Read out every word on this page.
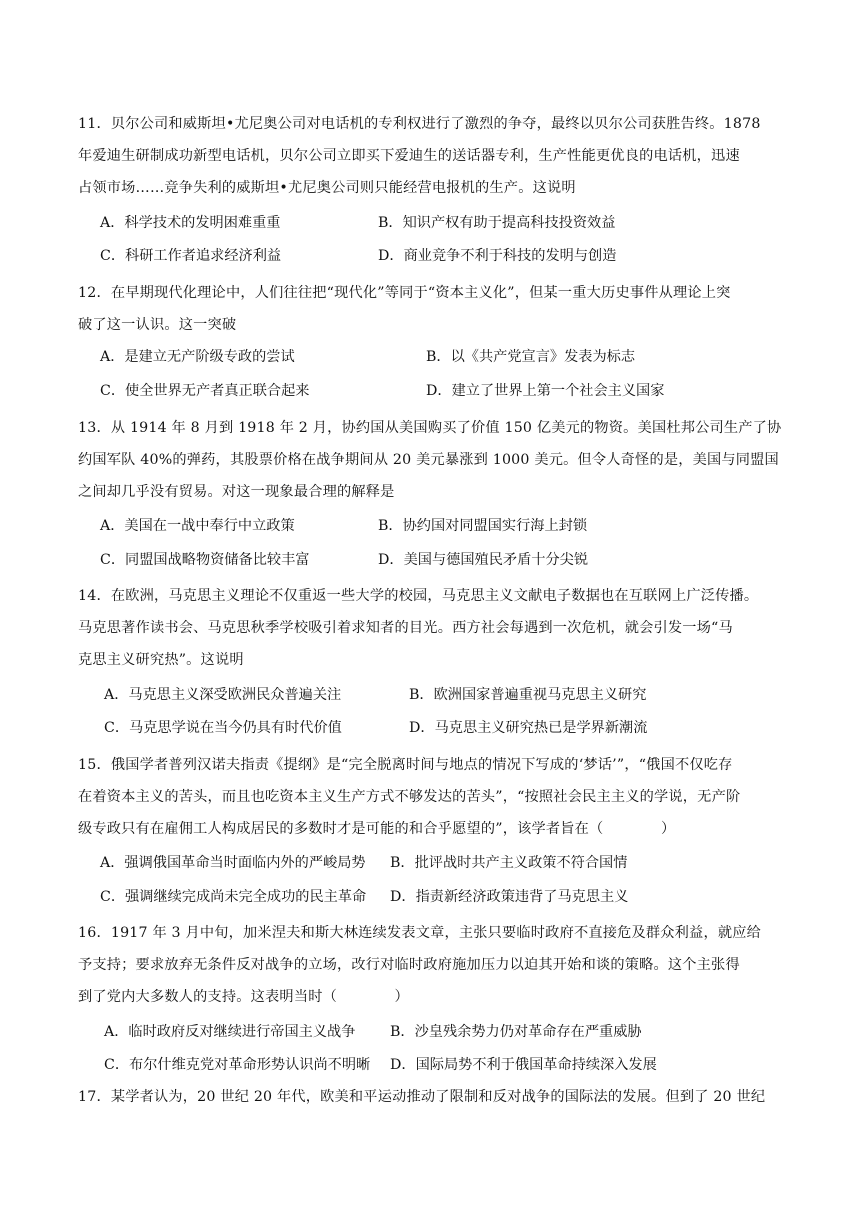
11．贝尔公司和威斯坦•尤尼奥公司对电话机的专利权进行了激烈的争夺，最终以贝尔公司获胜告终。1878
年爱迪生研制成功新型电话机，贝尔公司立即买下爱迪生的送话器专利，生产性能更优良的电话机，迅速
占领市场……竞争失利的威斯坦•尤尼奥公司则只能经营电报机的生产。这说明
A．科学技术的发明困难重重	B．知识产权有助于提高科技投资效益
C．科研工作者追求经济利益	D．商业竞争不利于科技的发明与创造
12．在早期现代化理论中，人们往往把“现代化”等同于“资本主义化”，但某一重大历史事件从理论上突
破了这一认识。这一突破
A．是建立无产阶级专政的尝试	B．以《共产党宣言》发表为标志
C．使全世界无产者真正联合起来	D．建立了世界上第一个社会主义国家
13．从 1914 年 8 月到 1918 年 2 月，协约国从美国购买了价值 150 亿美元的物资。美国杜邦公司生产了协
约国军队 40%的弹药，其股票价格在战争期间从 20 美元暴涨到 1000 美元。但令人奇怪的是，美国与同盟国
之间却几乎没有贸易。对这一现象最合理的解释是
A．美国在一战中奉行中立政策	B．协约国对同盟国实行海上封锁
C．同盟国战略物资储备比较丰富	D．美国与德国殖民矛盾十分尖锐
14．在欧洲，马克思主义理论不仅重返一些大学的校园，马克思主义文献电子数据也在互联网上广泛传播。
马克思著作读书会、马克思秋季学校吸引着求知者的目光。西方社会每遇到一次危机，就会引发一场“马
克思主义研究热”。这说明
A．马克思主义深受欧洲民众普遍关注	B．欧洲国家普遍重视马克思主义研究
C．马克思学说在当今仍具有时代价值	D．马克思主义研究热已是学界新潮流
15．俄国学者普列汉诺夫指责《提纲》是“完全脱离时间与地点的情况下写成的‘梦话’”，“俄国不仅吃存
在着资本主义的苦头，而且也吃资本主义生产方式不够发达的苦头”，“按照社会民主主义的学说，无产阶
级专政只有在雇佣工人构成居民的多数时才是可能的和合乎愿望的”，该学者旨在（　　　　）
A．强调俄国革命当时面临内外的严峻局势 B．批评战时共产主义政策不符合国情
C．强调继续完成尚未完全成功的民主革命 D．指责新经济政策违背了马克思主义
16．1917 年 3 月中旬，加米涅夫和斯大林连续发表文章，主张只要临时政府不直接危及群众利益，就应给
予支持；要求放弃无条件反对战争的立场，改行对临时政府施加压力以迫其开始和谈的策略。这个主张得
到了党内大多数人的支持。这表明当时（　　　　）
A．临时政府反对继续进行帝国主义战争 B．沙皇残余势力仍对革命存在严重威胁
C．布尔什维克党对革命形势认识尚不明晰 D．国际局势不利于俄国革命持续深入发展
17．某学者认为，20 世纪 20 年代，欧美和平运动推动了限制和反对战争的国际法的发展。但到了 20 世纪
